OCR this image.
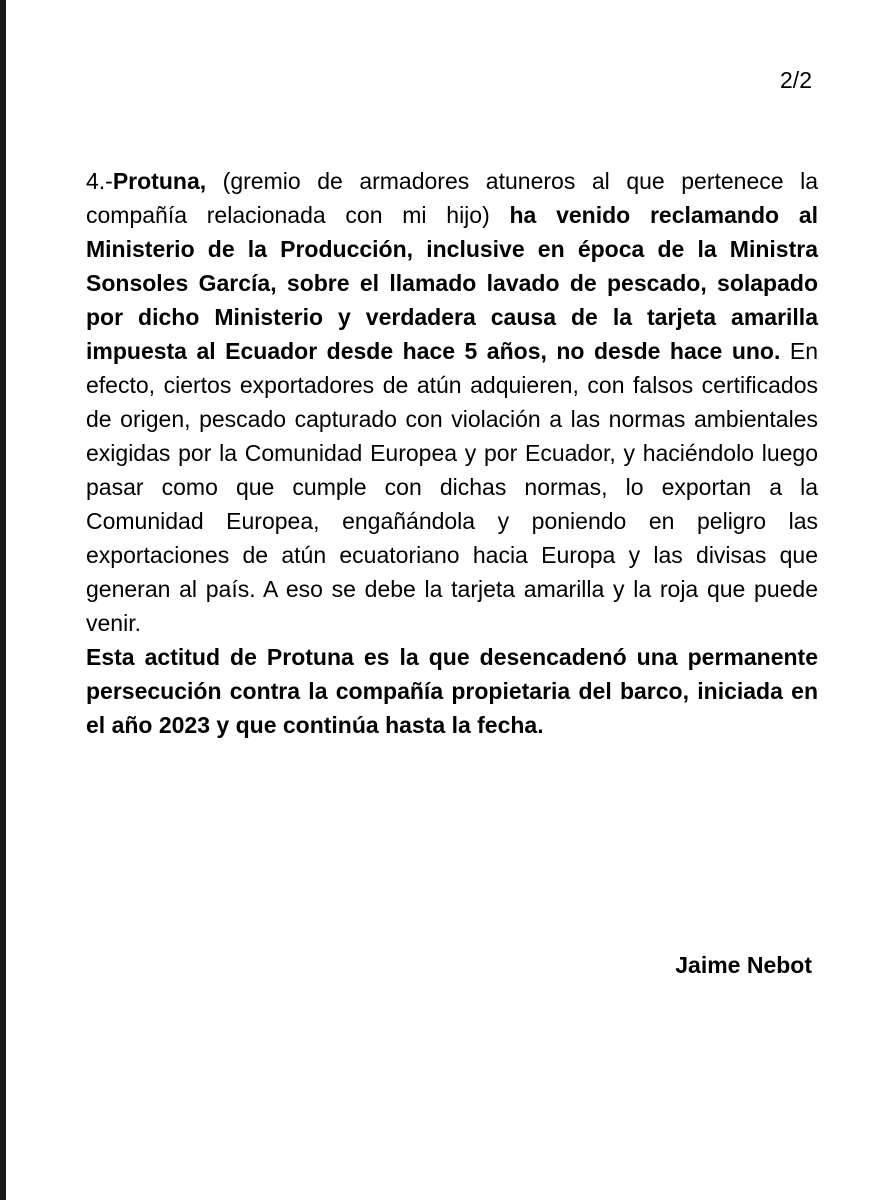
2/2

4.-Protuna, (gremio de armadores atuneros al que pertenece la compañía relacionada con mi hijo) ha venido reclamando al Ministerio de la Producción, inclusive en época de la Ministra Sonsoles García, sobre el llamado lavado de pescado, solapado por dicho Ministerio y verdadera causa de la tarjeta amarilla impuesta al Ecuador desde hace 5 años, no desde hace uno. En efecto, ciertos exportadores de atún adquieren, con falsos certificados de origen, pescado capturado con violación a las normas ambientales exigidas por la Comunidad Europea y por Ecuador, y haciéndolo luego pasar como que cumple con dichas normas, lo exportan a la Comunidad Europea, engañándola y poniendo en peligro las exportaciones de atún ecuatoriano hacia Europa y las divisas que generan al país. A eso se debe la tarjeta amarilla y la roja que puede venir.

Esta actitud de Protuna es la que desencadenó una permanente persecución contra la compañía propietaria del barco, iniciada en el año 2023 y que continúa hasta la fecha.

Jaime Nebot
